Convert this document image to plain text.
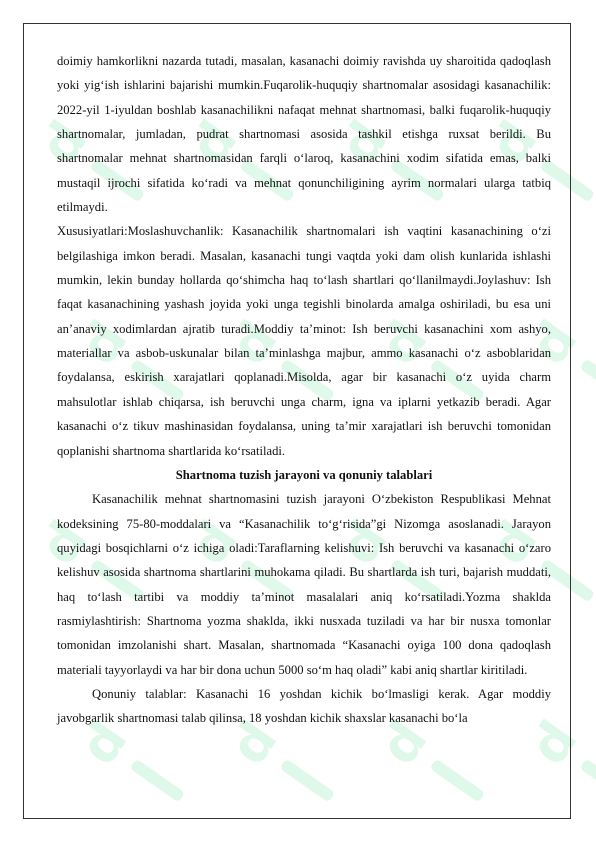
d d d d
d d d d
d d d d
d d d d

doimiy hamkorlikni nazarda tutadi, masalan, kasanachi doimiy ravishda uy sharoitida qadoqlash yoki yig‘ish ishlarini bajarishi mumkin.Fuqarolik-huquqiy shartnomalar asosidagi kasanachilik: 2022-yil 1-iyuldan boshlab kasanachilikni nafaqat mehnat shartnomasi, balki fuqarolik-huquqiy shartnomalar, jumladan, pudrat shartnomasi asosida tashkil etishga ruxsat berildi. Bu shartnomalar mehnat shartnomasidan farqli o‘laroq, kasanachini xodim sifatida emas, balki mustaqil ijrochi sifatida ko‘radi va mehnat qonunchiligining ayrim normalari ularga tatbiq etilmaydi.

Xususiyatlari:Moslashuvchanlik: Kasanachilik shartnomalari ish vaqtini kasanachining o‘zi belgilashiga imkon beradi. Masalan, kasanachi tungi vaqtda yoki dam olish kunlarida ishlashi mumkin, lekin bunday hollarda qo‘shimcha haq to‘lash shartlari qo‘llanilmaydi.Joylashuv: Ish faqat kasanachining yashash joyida yoki unga tegishli binolarda amalga oshiriladi, bu esa uni an’anaviy xodimlardan ajratib turadi.Moddiy ta’minot: Ish beruvchi kasanachini xom ashyo, materiallar va asbob-uskunalar bilan ta’minlashga majbur, ammo kasanachi o‘z asboblaridan foydalansa, eskirish xarajatlari qoplanadi.Misolda, agar bir kasanachi o‘z uyida charm mahsulotlar ishlab chiqarsa, ish beruvchi unga charm, igna va iplarni yetkazib beradi. Agar kasanachi o‘z tikuv mashinasidan foydalansa, uning ta’mir xarajatlari ish beruvchi tomonidan qoplanishi shartnoma shartlarida ko‘rsatiladi.

Shartnoma tuzish jarayoni va qonuniy talablari

Kasanachilik mehnat shartnomasini tuzish jarayoni O‘zbekiston Respublikasi Mehnat kodeksining 75-80-moddalari va “Kasanachilik to‘g‘risida”gi Nizomga asoslanadi. Jarayon quyidagi bosqichlarni o‘z ichiga oladi:Taraflarning kelishuvi: Ish beruvchi va kasanachi o‘zaro kelishuv asosida shartnoma shartlarini muhokama qiladi. Bu shartlarda ish turi, bajarish muddati, haq to‘lash tartibi va moddiy ta’minot masalalari aniq ko‘rsatiladi.Yozma shaklda rasmiylashtirish: Shartnoma yozma shaklda, ikki nusxada tuziladi va har bir nusxa tomonlar tomonidan imzolanishi shart. Masalan, shartnomada “Kasanachi oyiga 100 dona qadoqlash materiali tayyorlaydi va har bir dona uchun 5000 so‘m haq oladi” kabi aniq shartlar kiritiladi.

Qonuniy talablar: Kasanachi 16 yoshdan kichik bo‘lmasligi kerak. Agar moddiy javobgarlik shartnomasi talab qilinsa, 18 yoshdan kichik shaxslar kasanachi bo‘la
